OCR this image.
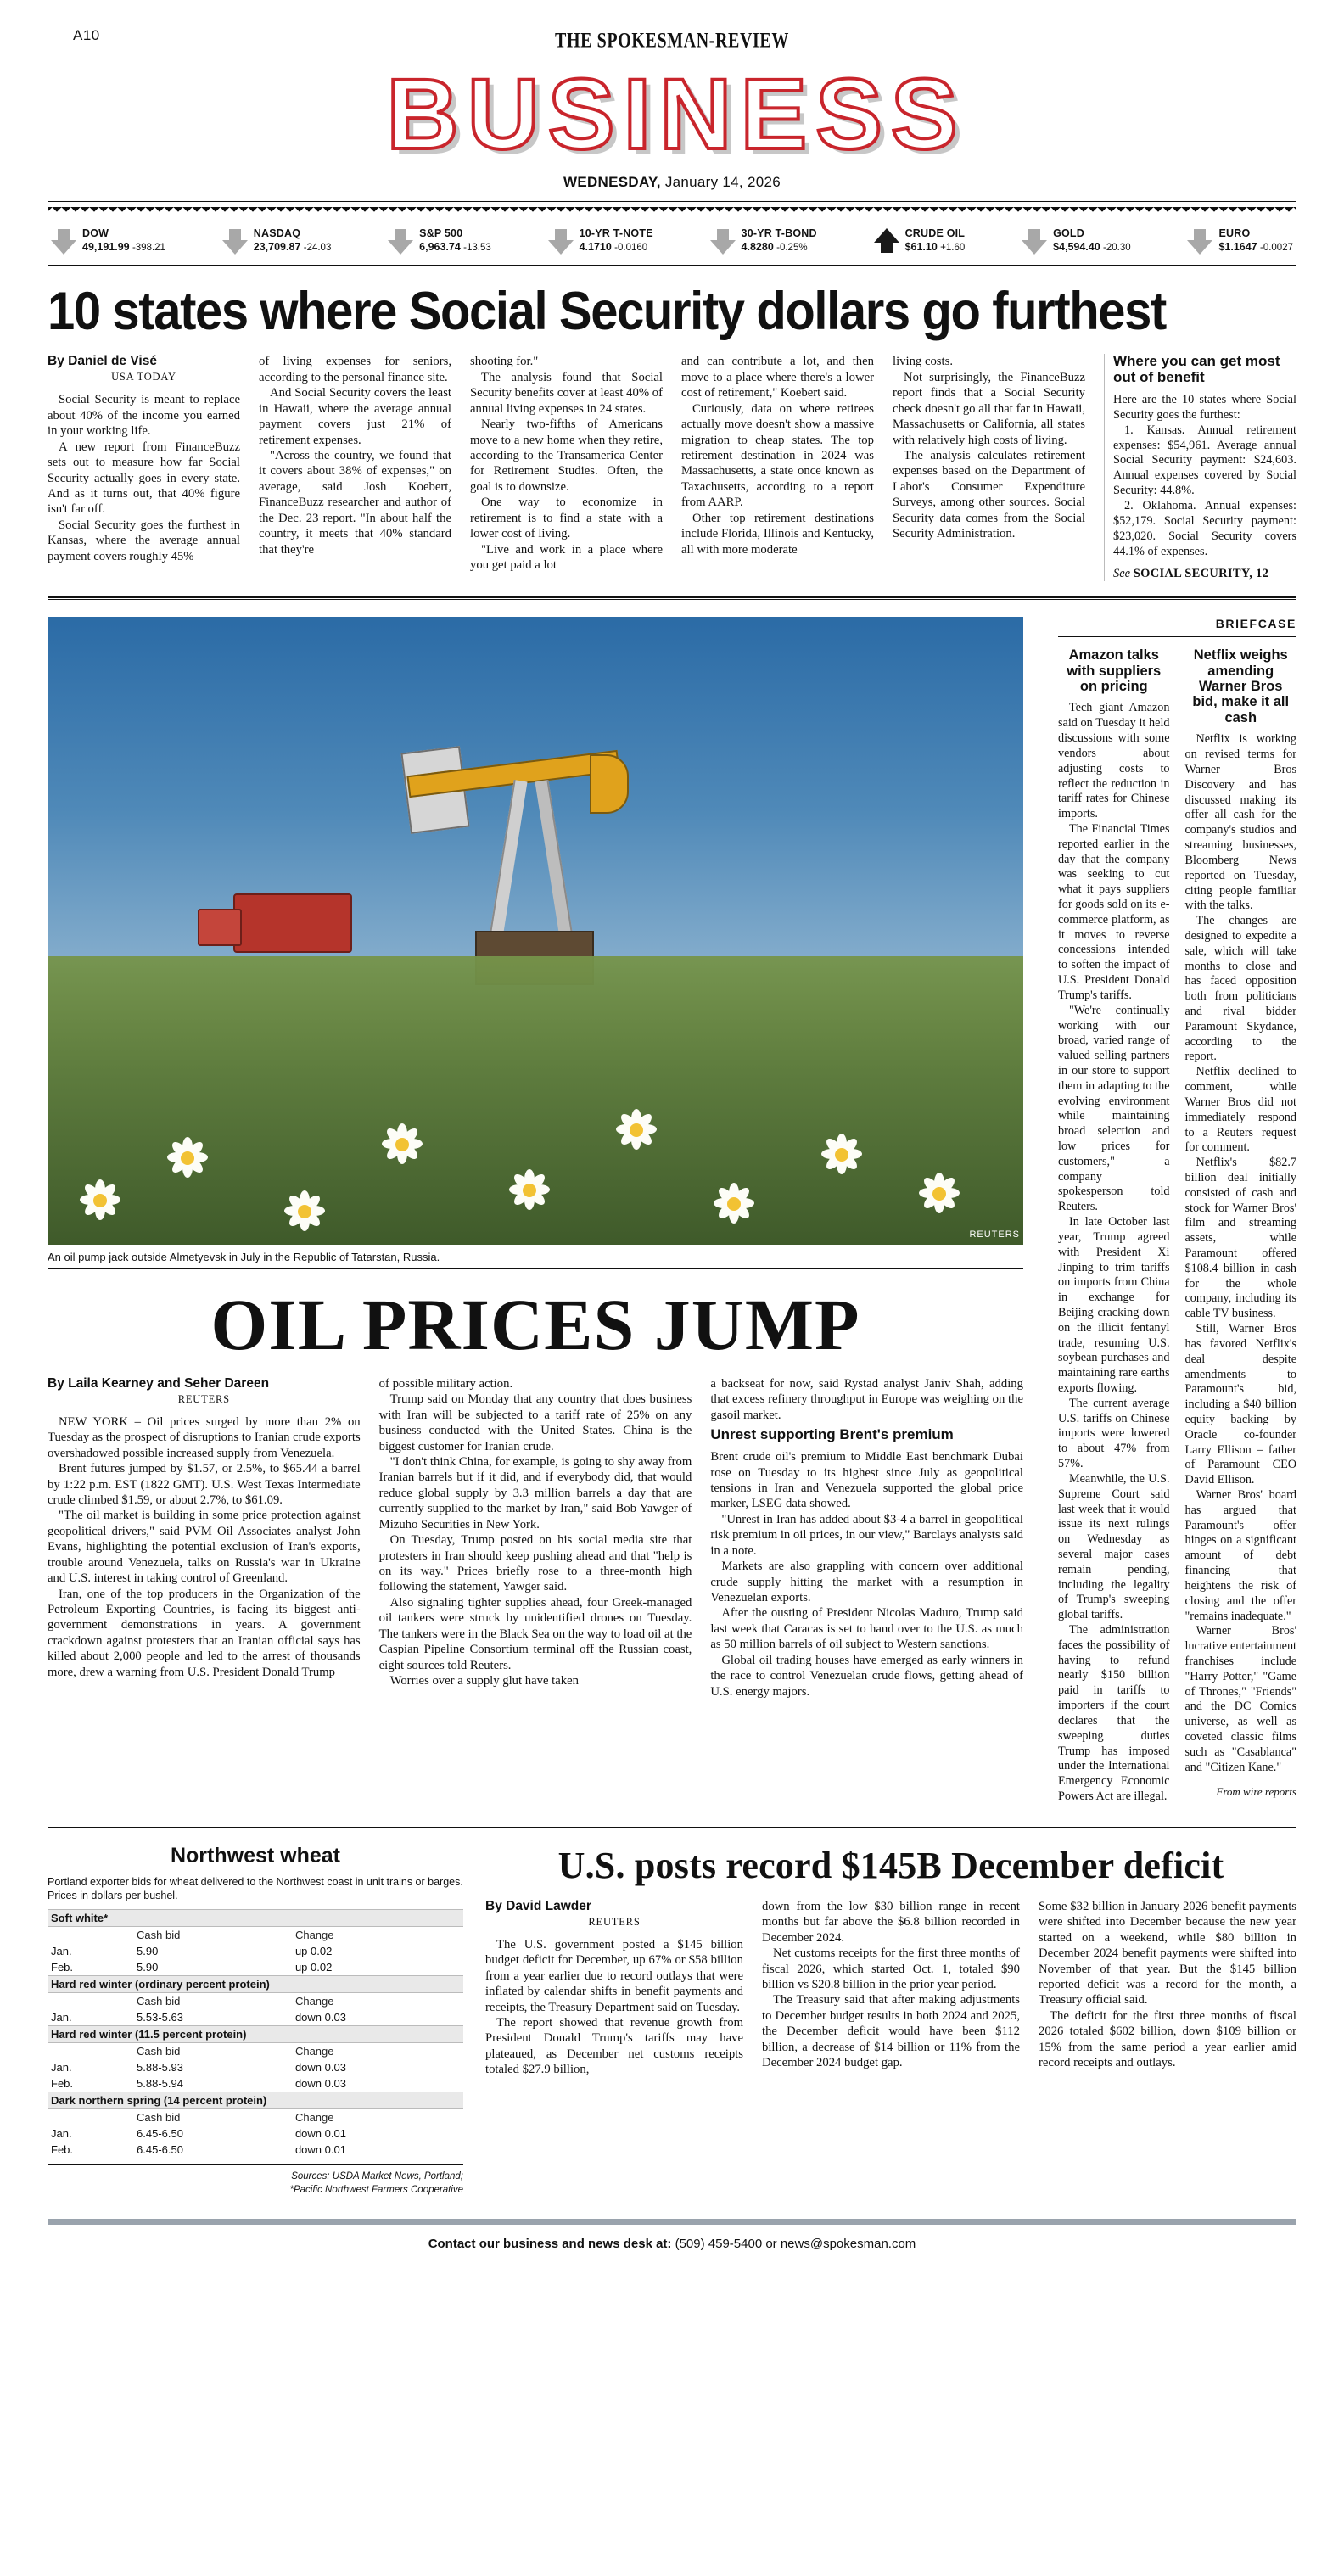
A10	THE SPOKESMAN-REVIEW
BUSINESS
WEDNESDAY, January 14, 2026
DOW
49,191.99 -398.21
NASDAQ
23,709.87 -24.03
S&P 500
6,963.74 -13.53
10-YR T-NOTE
4.1710 -0.0160
30-YR T-BOND
4.8280 -0.25%
CRUDE OIL
$61.10 +1.60
GOLD
$4,594.40 -20.30
EURO
$1.1647 -0.0027
10 states where Social Security dollars go furthest
By Daniel de Visé
USA TODAY

Social Security is meant to replace about 40% of the income you earned in your working life.

A new report from FinanceBuzz sets out to measure how far Social Security actually goes in every state. And as it turns out, that 40% figure isn't far off.

Social Security goes the furthest in Kansas, where the average annual payment covers roughly 45%

of living expenses for seniors, according to the personal finance site.

And Social Security covers the least in Hawaii, where the average annual payment covers just 21% of retirement expenses.

"Across the country, we found that it covers about 38% of expenses," on average, said Josh Koebert, FinanceBuzz researcher and author of the Dec. 23 report. "In about half the country, it meets that 40% standard that they're

shooting for."

The analysis found that Social Security benefits cover at least 40% of annual living expenses in 24 states.

Nearly two-fifths of Americans move to a new home when they retire, according to the Transamerica Center for Retirement Studies. Often, the goal is to downsize.

One way to economize in retirement is to find a state with a lower cost of living.

"Live and work in a place where you get paid a lot

and can contribute a lot, and then move to a place where there's a lower cost of retirement," Koebert said.

Curiously, data on where retirees actually move doesn't show a massive migration to cheap states. The top retirement destination in 2024 was Massachusetts, a state once known as Taxachusetts, according to a report from AARP.

Other top retirement destinations include Florida, Illinois and Kentucky, all with more moderate

living costs.

Not surprisingly, the FinanceBuzz report finds that a Social Security check doesn't go all that far in Hawaii, Massachusetts or California, all states with relatively high costs of living.

The analysis calculates retirement expenses based on the Department of Labor's Consumer Expenditure Surveys, among other sources. Social Security data comes from the Social Security Administration.

Where you can get most out of benefit

Here are the 10 states where Social Security goes the furthest:

1. Kansas. Annual retirement expenses: $54,961. Average annual Social Security payment: $24,603. Annual expenses covered by Social Security: 44.8%.

2. Oklahoma. Annual expenses: $52,179. Social Security payment: $23,020. Social Security covers 44.1% of expenses.

See SOCIAL SECURITY, 12
REUTERS
An oil pump jack outside Almetyevsk in July in the Republic of Tatarstan, Russia.
OIL PRICES JUMP
By Laila Kearney and Seher Dareen
REUTERS

NEW YORK – Oil prices surged by more than 2% on Tuesday as the prospect of disruptions to Iranian crude exports overshadowed possible increased supply from Venezuela.

Brent futures jumped by $1.57, or 2.5%, to $65.44 a barrel by 1:22 p.m. EST (1822 GMT). U.S. West Texas Intermediate crude climbed $1.59, or about 2.7%, to $61.09.

"The oil market is building in some price protection against geopolitical drivers," said PVM Oil Associates analyst John Evans, highlighting the potential exclusion of Iran's exports, trouble around Venezuela, talks on Russia's war in Ukraine and U.S. interest in taking control of Greenland.

Iran, one of the top producers in the Organization of the Petroleum Exporting Countries, is facing its biggest anti-government demonstrations in years. A government crackdown against protesters that an Iranian official says has killed about 2,000 people and led to the arrest of thousands more, drew a warning from U.S. President Donald Trump

of possible military action.

Trump said on Monday that any country that does business with Iran will be subjected to a tariff rate of 25% on any business conducted with the United States. China is the biggest customer for Iranian crude.

"I don't think China, for example, is going to shy away from Iranian barrels but if it did, and if everybody did, that would reduce global supply by 3.3 million barrels a day that are currently supplied to the market by Iran," said Bob Yawger of Mizuho Securities in New York.

On Tuesday, Trump posted on his social media site that protesters in Iran should keep pushing ahead and that "help is on its way." Prices briefly rose to a three-month high following the statement, Yawger said.

Also signaling tighter supplies ahead, four Greek-managed oil tankers were struck by unidentified drones on Tuesday. The tankers were in the Black Sea on the way to load oil at the Caspian Pipeline Consortium terminal off the Russian coast, eight sources told Reuters.

Worries over a supply glut have taken

a backseat for now, said Rystad analyst Janiv Shah, adding that excess refinery throughput in Europe was weighing on the gasoil market.

Unrest supporting Brent's premium

Brent crude oil's premium to Middle East benchmark Dubai rose on Tuesday to its highest since July as geopolitical tensions in Iran and Venezuela supported the global price marker, LSEG data showed.

"Unrest in Iran has added about $3-4 a barrel in geopolitical risk premium in oil prices, in our view," Barclays analysts said in a note.

Markets are also grappling with concern over additional crude supply hitting the market with a resumption in Venezuelan exports.

After the ousting of President Nicolas Maduro, Trump said last week that Caracas is set to hand over to the U.S. as much as 50 million barrels of oil subject to Western sanctions.

Global oil trading houses have emerged as early winners in the race to control Venezuelan crude flows, getting ahead of U.S. energy majors.

BRIEFCASE
Amazon talks with suppliers on pricing

Tech giant Amazon said on Tuesday it held discussions with some vendors about adjusting costs to reflect the reduction in tariff rates for Chinese imports.

The Financial Times reported earlier in the day that the company was seeking to cut what it pays suppliers for goods sold on its e-commerce platform, as it moves to reverse concessions intended to soften the impact of U.S. President Donald Trump's tariffs.

"We're continually working with our broad, varied range of valued selling partners in our store to support them in adapting to the evolving environment while maintaining broad selection and low prices for customers," a company spokesperson told Reuters.

In late October last year, Trump agreed with President Xi Jinping to trim tariffs on imports from China in exchange for Beijing cracking down on the illicit fentanyl trade, resuming U.S. soybean purchases and maintaining rare earths exports flowing.

The current average U.S. tariffs on Chinese imports were lowered to about 47% from 57%.

Meanwhile, the U.S. Supreme Court said last week that it would issue its next rulings on Wednesday as several major cases remain pending, including the legality of Trump's sweeping global tariffs.

The administration faces the possibility of having to refund nearly $150 billion paid in tariffs to importers if the court declares that the sweeping duties Trump has imposed under the International Emergency Economic Powers Act are illegal.

Netflix weighs amending Warner Bros bid, make it all cash

Netflix is working on revised terms for Warner Bros Discovery and has discussed making its offer all cash for the company's studios and streaming businesses, Bloomberg News reported on Tuesday, citing people familiar with the talks.

The changes are designed to expedite a sale, which will take months to close and has faced opposition both from politicians and rival bidder Paramount Skydance, according to the report.

Netflix declined to comment, while Warner Bros did not immediately respond to a Reuters request for comment.

Netflix's $82.7 billion deal initially consisted of cash and stock for Warner Bros' film and streaming assets, while Paramount offered $108.4 billion in cash for the whole company, including its cable TV business.

Still, Warner Bros has favored Netflix's deal despite amendments to Paramount's bid, including a $40 billion equity backing by Oracle co-founder Larry Ellison – father of Paramount CEO David Ellison.

Warner Bros' board has argued that Paramount's offer hinges on a significant amount of debt financing that heightens the risk of closing and the offer "remains inadequate."

Warner Bros' lucrative entertainment franchises include "Harry Potter," "Game of Thrones," "Friends" and the DC Comics universe, as well as coveted classic films such as "Casablanca" and "Citizen Kane."

From wire reports
Northwest wheat
Portland exporter bids for wheat delivered to the Northwest coast in unit trains or barges. Prices in dollars per bushel.
Soft white*		
	Cash bid	Change
Jan.	5.90	up 0.02
Feb.	5.90	up 0.02
Hard red winter (ordinary percent protein)		
	Cash bid	Change
Jan.	5.53-5.63	down 0.03
Hard red winter (11.5 percent protein)		
	Cash bid	Change
Jan.	5.88-5.93	down 0.03
Feb.	5.88-5.94	down 0.03
Dark northern spring (14 percent protein)		
	Cash bid	Change
Jan.	6.45-6.50	down 0.01
Feb.	6.45-6.50	down 0.01
Sources: USDA Market News, Portland;
*Pacific Northwest Farmers Cooperative
U.S. posts record $145B December deficit
By David Lawder
REUTERS

The U.S. government posted a $145 billion budget deficit for December, up 67% or $58 billion from a year earlier due to record outlays that were inflated by calendar shifts in benefit payments and receipts, the Treasury Department said on Tuesday.

The report showed that revenue growth from President Donald Trump's tariffs may have plateaued, as December net customs receipts totaled $27.9 billion,

down from the low $30 billion range in recent months but far above the $6.8 billion recorded in December 2024.

Net customs receipts for the first three months of fiscal 2026, which started Oct. 1, totaled $90 billion vs $20.8 billion in the prior year period.

The Treasury said that after making adjustments to December budget results in both 2024 and 2025, the December deficit would have been $112 billion, a decrease of $14 billion or 11% from the December 2024 budget gap.

Some $32 billion in January 2026 benefit payments were shifted into December because the new year started on a weekend, while $80 billion in December 2024 benefit payments were shifted into November of that year. But the $145 billion reported deficit was a record for the month, a Treasury official said.

The deficit for the first three months of fiscal 2026 totaled $602 billion, down $109 billion or 15% from the same period a year earlier amid record receipts and outlays.

Contact our business and news desk at: (509) 459-5400 or news@spokesman.com
